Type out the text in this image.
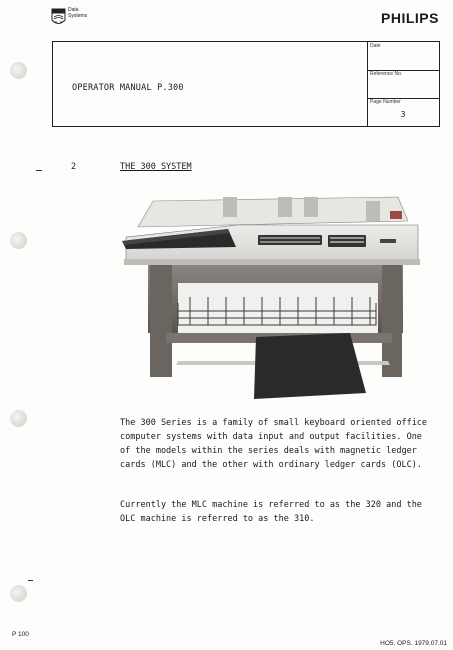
Data
Systems	PHILIPS
OPERATOR MANUAL P.300
Date
Reference No.
Page Number
3
2	THE 300 SYSTEM

The 300 Series is a family of small keyboard oriented office computer systems with data input and output facilities. One of the models within the series deals with magnetic ledger cards (MLC) and the other with ordinary ledger cards (OLC).

Currently the MLC machine is referred to as the 320 and the OLC machine is referred to as the 310.

P 100
HO5. OPS. 1979.07.01
